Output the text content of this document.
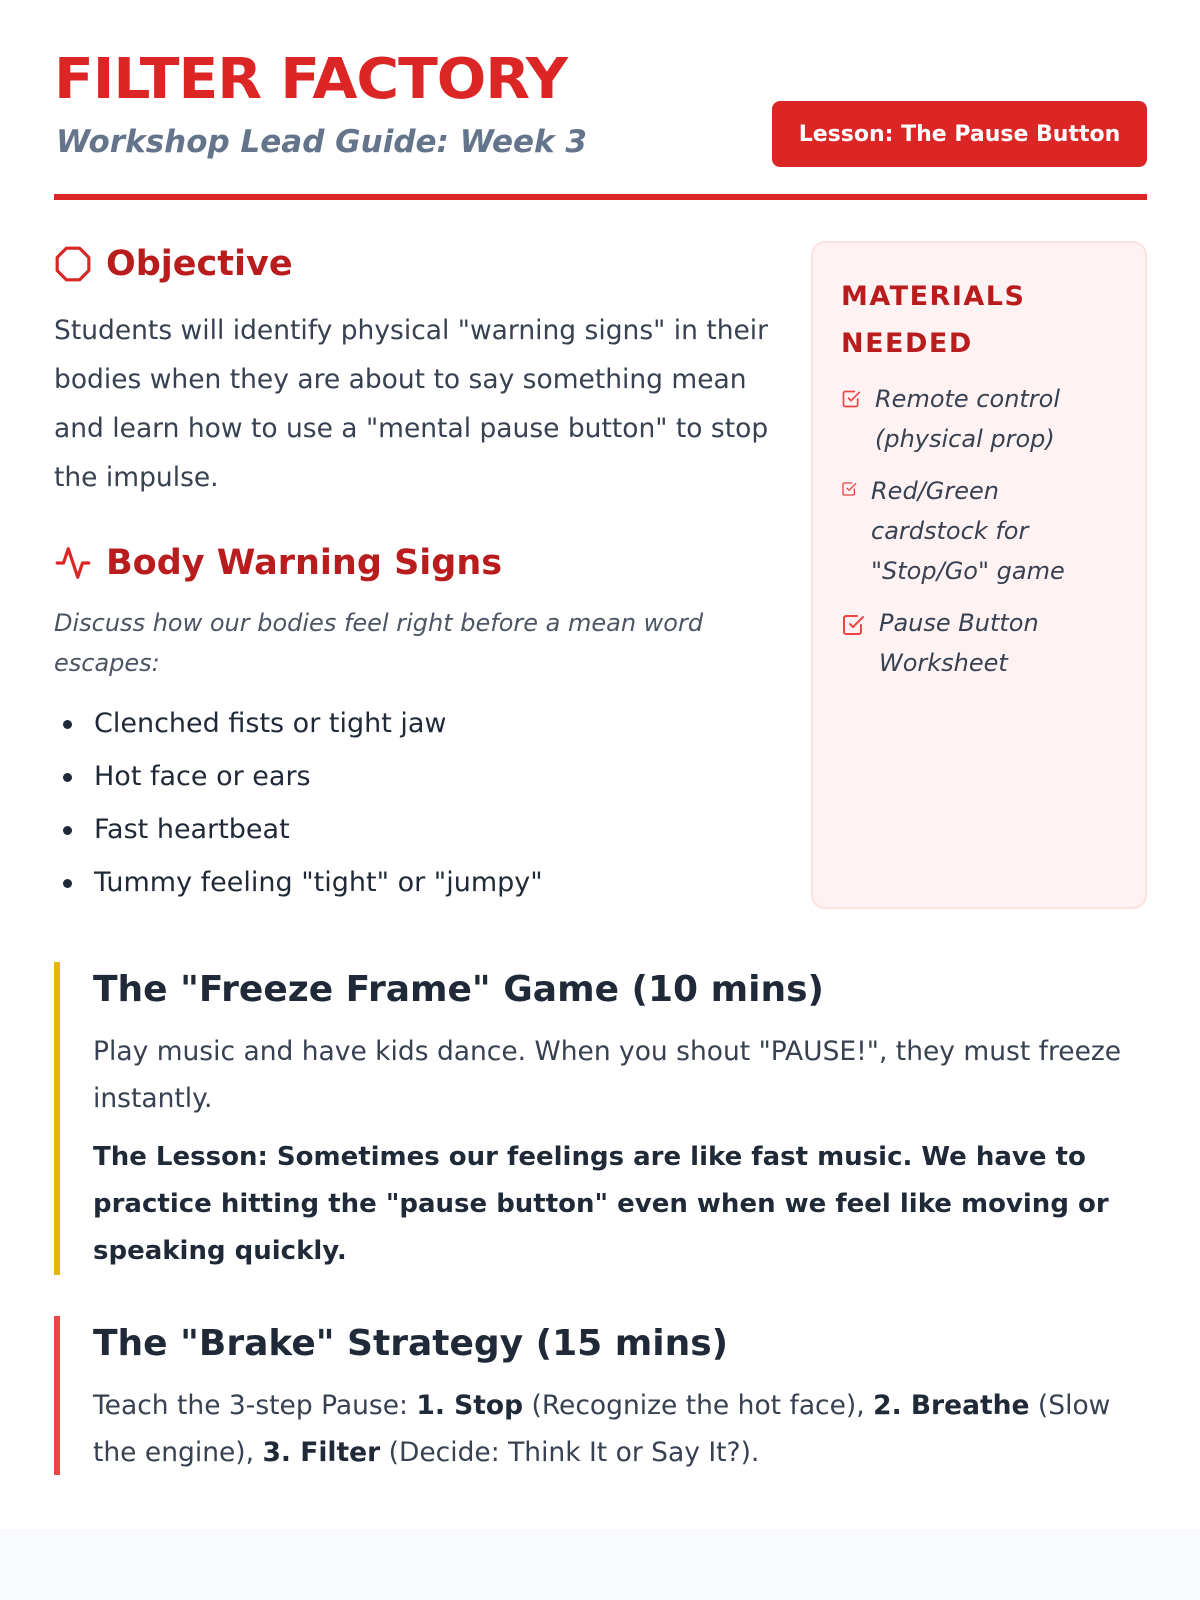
FILTER FACTORY
Workshop Lead Guide: Week 3	Lesson: The Pause Button
Objective

Students will identify physical "warning signs" in their bodies when they are about to say something mean and learn how to use a "mental pause button" to stop the impulse.

Body Warning Signs

Discuss how our bodies feel right before a mean word escapes:

Clenched fists or tight jaw
Hot face or ears
Fast heartbeat
Tummy feeling "tight" or "jumpy"
MATERIALS NEEDED
Remote control (physical prop)
Red/Green cardstock for "Stop/Go" game
Pause Button Worksheet
The "Freeze Frame" Game (10 mins)

Play music and have kids dance. When you shout "PAUSE!", they must freeze instantly.

The Lesson: Sometimes our feelings are like fast music. We have to practice hitting the "pause button" even when we feel like moving or speaking quickly.

The "Brake" Strategy (15 mins)

Teach the 3-step Pause: 1. Stop (Recognize the hot face), 2. Breathe (Slow the engine), 3. Filter (Decide: Think It or Say It?).
